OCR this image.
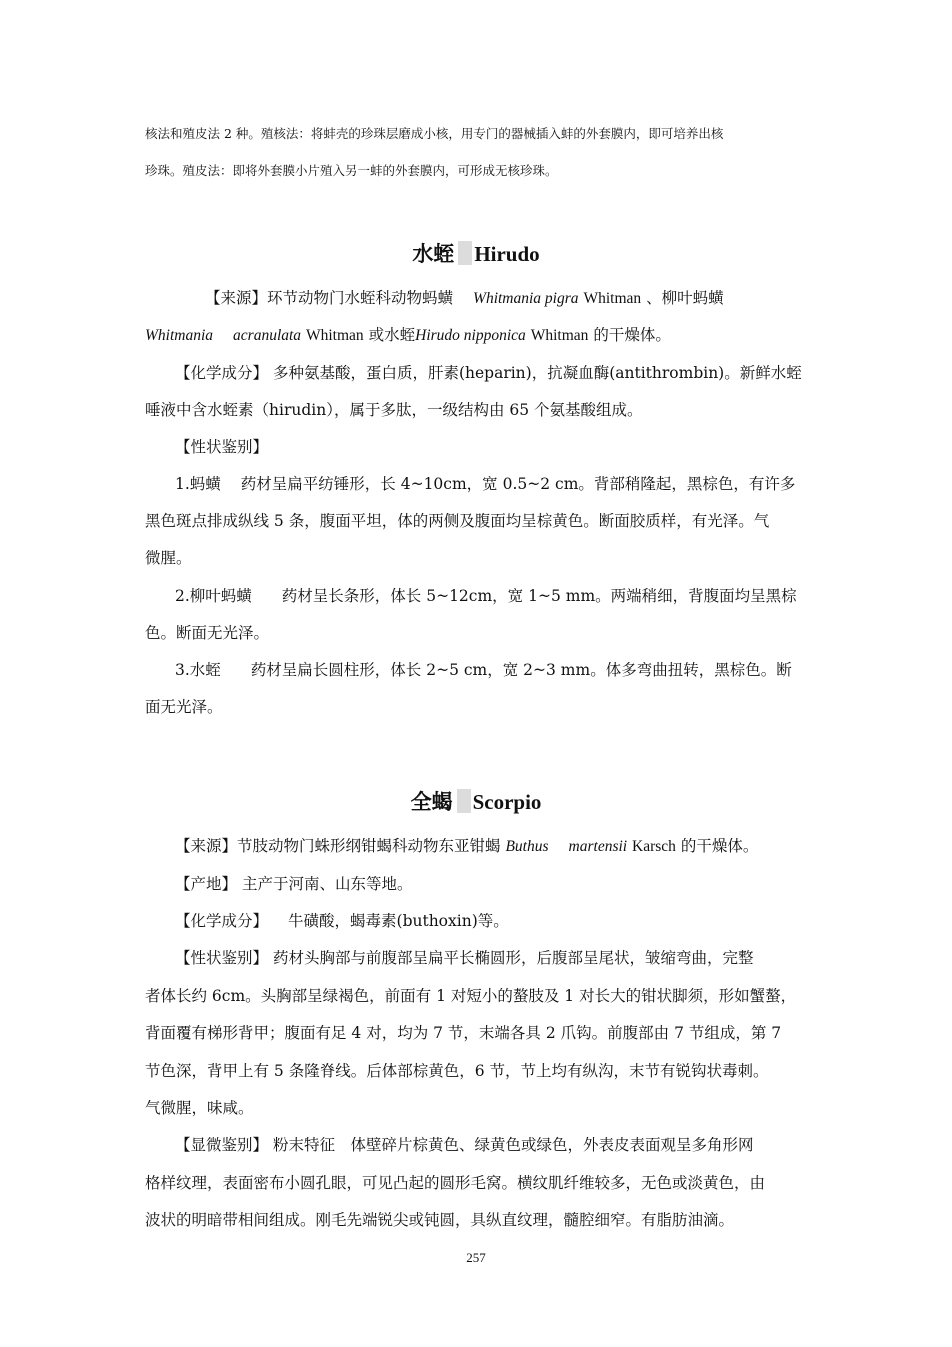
核法和殖皮法 2 种。殖核法：将蚌壳的珍珠层磨成小核，用专门的器械插入蚌的外套膜内，即可培养出核
珍珠。殖皮法：即将外套膜小片殖入另一蚌的外套膜内，可形成无核珍珠。
水蛭 Hirudo
【来源】环节动物门水蛭科动物蚂蟥 Whitmania pigra Whitman 、柳叶蚂蟥
Whitmania acranulata Whitman 或水蛭Hirudo nipponica Whitman 的干燥体。
【化学成分】 多种氨基酸，蛋白质，肝素(heparin)，抗凝血酶(antithrombin)。新鲜水蛭
唾液中含水蛭素（hirudin），属于多肽，一级结构由 65 个氨基酸组成。
【性状鉴别】
1.蚂蟥 药材呈扁平纺锤形，长 4~10cm，宽 0.5~2 cm。背部稍隆起，黑棕色，有许多
黑色斑点排成纵线 5 条，腹面平坦，体的两侧及腹面均呈棕黄色。断面胶质样，有光泽。气
微腥。
2.柳叶蚂蟥 药材呈长条形，体长 5~12cm，宽 1~5 mm。两端稍细，背腹面均呈黑棕
色。断面无光泽。
3.水蛭 药材呈扁长圆柱形，体长 2~5 cm，宽 2~3 mm。体多弯曲扭转，黑棕色。断
面无光泽。
全蝎 Scorpio
【来源】节肢动物门蛛形纲钳蝎科动物东亚钳蝎 Buthus martensii Karsch 的干燥体。
【产地】 主产于河南、山东等地。
【化学成分】 牛磺酸，蝎毒素(buthoxin)等。
【性状鉴别】 药材头胸部与前腹部呈扁平长椭圆形，后腹部呈尾状，皱缩弯曲，完整
者体长约 6cm。头胸部呈绿褐色，前面有 1 对短小的螯肢及 1 对长大的钳状脚须，形如蟹螯，
背面覆有梯形背甲；腹面有足 4 对，均为 7 节，末端各具 2 爪钩。前腹部由 7 节组成，第 7
节色深，背甲上有 5 条隆脊线。后体部棕黄色，6 节，节上均有纵沟，末节有锐钩状毒刺。
气微腥，味咸。
【显微鉴别】 粉末特征　体壁碎片棕黄色、绿黄色或绿色，外表皮表面观呈多角形网
格样纹理，表面密布小圆孔眼，可见凸起的圆形毛窝。横纹肌纤维较多，无色或淡黄色，由
波状的明暗带相间组成。刚毛先端锐尖或钝圆，具纵直纹理，髓腔细窄。有脂肪油滴。
257
